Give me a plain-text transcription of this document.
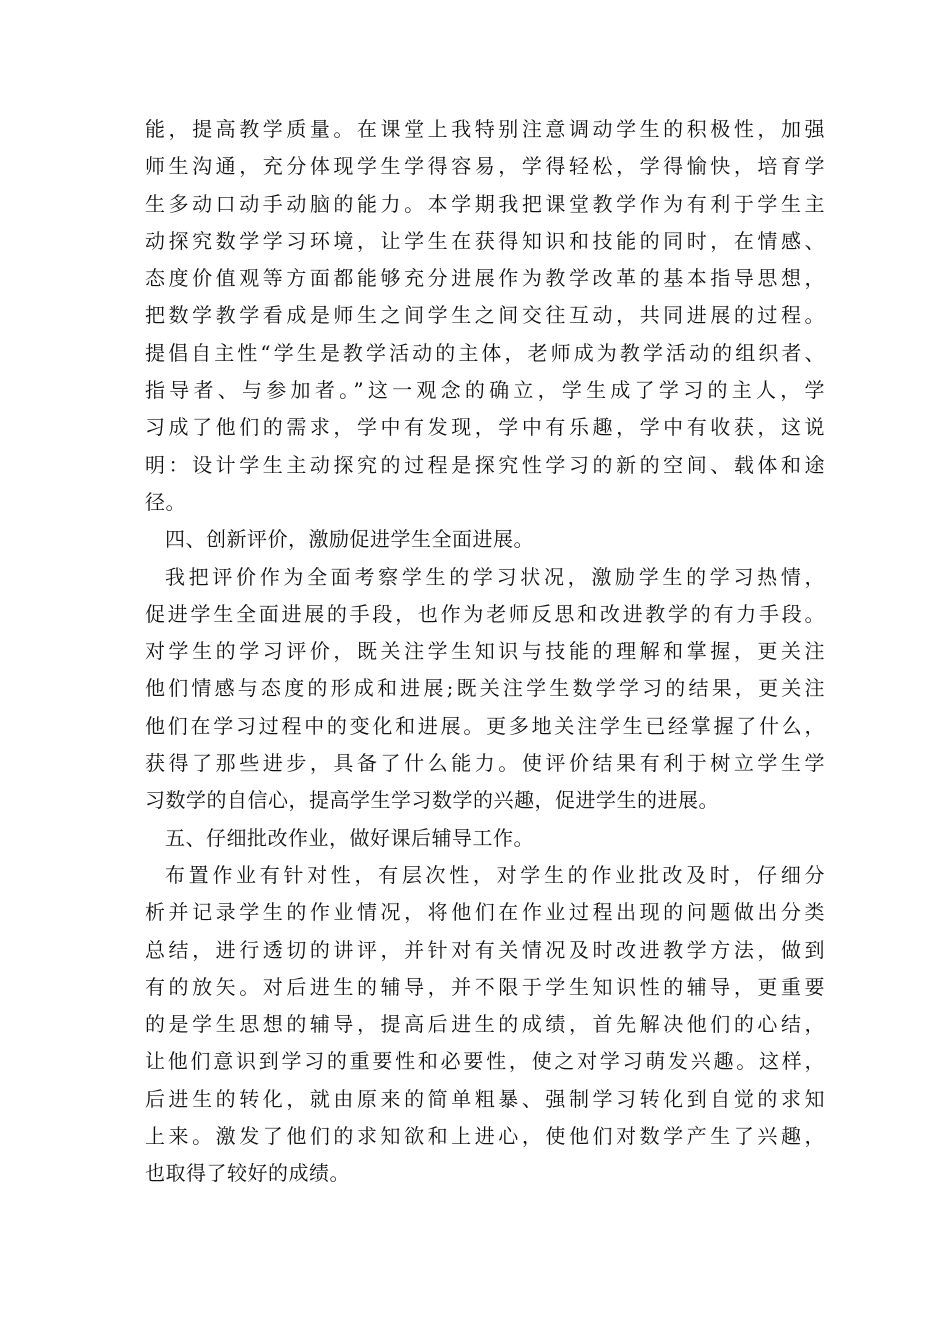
能，提高教学质量。在课堂上我特别注意调动学生的积极性，加强
师生沟通，充分体现学生学得容易，学得轻松，学得愉快，培育学
生多动口动手动脑的能力。本学期我把课堂教学作为有利于学生主
动探究数学学习环境，让学生在获得知识和技能的同时，在情感、
态度价值观等方面都能够充分进展作为教学改革的基本指导思想，
把数学教学看成是师生之间学生之间交往互动，共同进展的过程。
提倡自主性“学生是教学活动的主体，老师成为教学活动的组织者、
指导者、与参加者。”这一观念的确立，学生成了学习的主人，学
习成了他们的需求，学中有发现，学中有乐趣，学中有收获，这说
明：设计学生主动探究的过程是探究性学习的新的空间、载体和途
径。
四、创新评价，激励促进学生全面进展。
我把评价作为全面考察学生的学习状况，激励学生的学习热情，
促进学生全面进展的手段，也作为老师反思和改进教学的有力手段。
对学生的学习评价，既关注学生知识与技能的理解和掌握，更关注
他们情感与态度的形成和进展;既关注学生数学学习的结果，更关注
他们在学习过程中的变化和进展。更多地关注学生已经掌握了什么，
获得了那些进步，具备了什么能力。使评价结果有利于树立学生学
习数学的自信心，提高学生学习数学的兴趣，促进学生的进展。
五、仔细批改作业，做好课后辅导工作。
布置作业有针对性，有层次性，对学生的作业批改及时，仔细分
析并记录学生的作业情况，将他们在作业过程出现的问题做出分类
总结，进行透切的讲评，并针对有关情况及时改进教学方法，做到
有的放矢。对后进生的辅导，并不限于学生知识性的辅导，更重要
的是学生思想的辅导，提高后进生的成绩，首先解决他们的心结，
让他们意识到学习的重要性和必要性，使之对学习萌发兴趣。这样，
后进生的转化，就由原来的简单粗暴、强制学习转化到自觉的求知
上来。激发了他们的求知欲和上进心，使他们对数学产生了兴趣，
也取得了较好的成绩。
